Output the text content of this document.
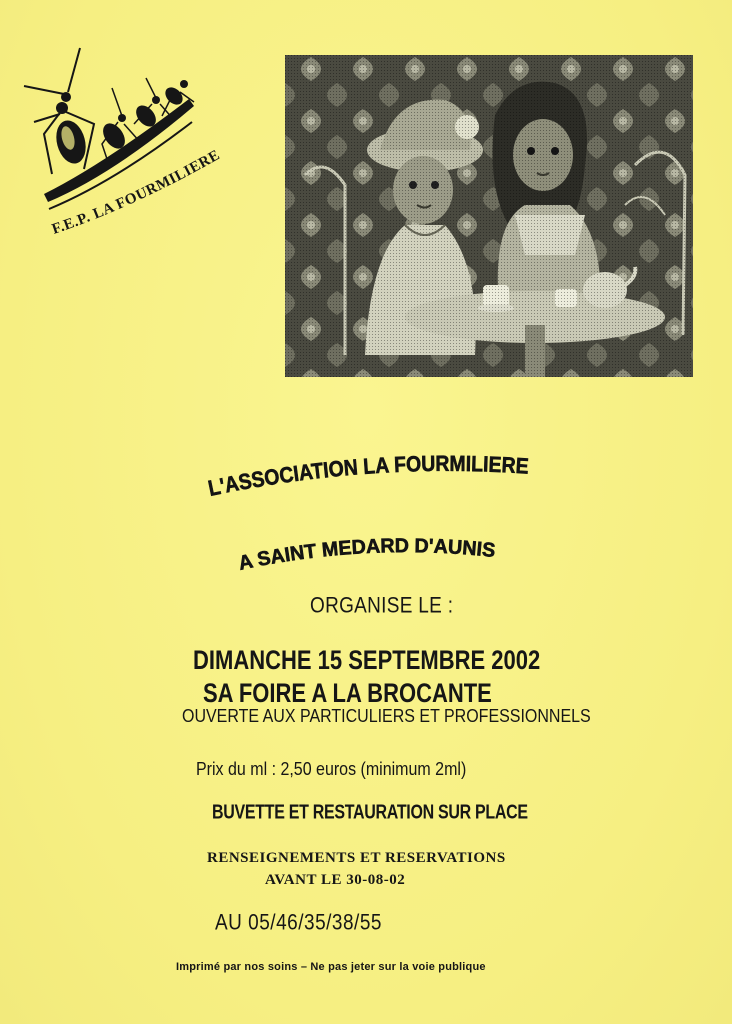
F.E.P. LA FOURMILIERE
L'ASSOCIATION LA FOURMILIERE
A SAINT MEDARD D'AUNIS
ORGANISE LE :
DIMANCHE 15 SEPTEMBRE 2002
SA FOIRE A LA BROCANTE
OUVERTE AUX PARTICULIERS ET PROFESSIONNELS
Prix du ml : 2,50 euros (minimum 2ml)
BUVETTE ET RESTAURATION SUR PLACE
RENSEIGNEMENTS ET RESERVATIONS
AVANT LE 30-08-02
AU 05/46/35/38/55
Imprimé par nos soins – Ne pas jeter sur la voie publique
